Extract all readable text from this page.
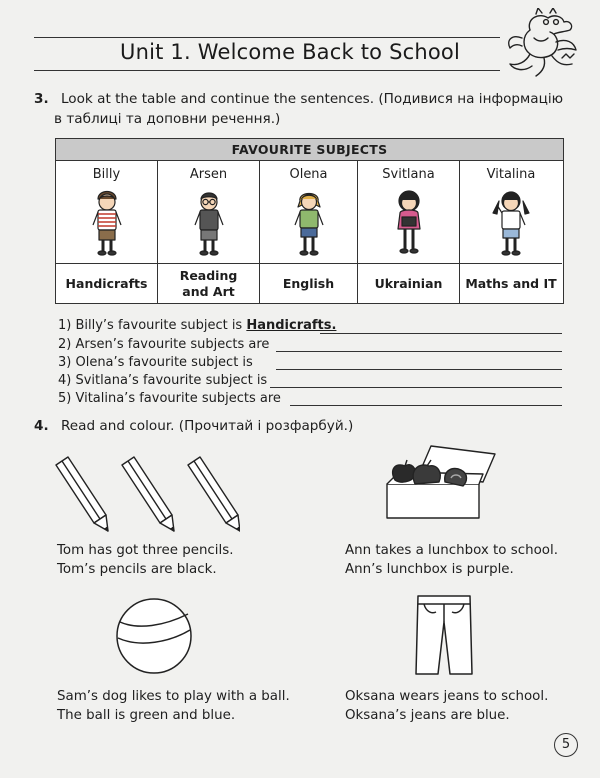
Unit 1. Welcome Back to School
3. Look at the table and continue the sentences. (Подивися на інформацію
в таблиці та доповни речення.)
FAVOURITE SUBJECTS
Billy
Handicrafts
Arsen
Reading
and Art
Olena
English
Svitlana
Ukrainian
Vitalina
Maths and IT
1) Billy’s favourite subject is Handicrafts.
2) Arsen’s favourite subjects are
3) Olena’s favourite subject is
4) Svitlana’s favourite subject is
5) Vitalina’s favourite subjects are
4. Read and colour. (Прочитай і розфарбуй.)
Tom has got three pencils.
Tom’s pencils are black.
Ann takes a lunchbox to school.
Ann’s lunchbox is purple.
Sam’s dog likes to play with a ball.
The ball is green and blue.
Oksana wears jeans to school.
Oksana’s jeans are blue.
5
